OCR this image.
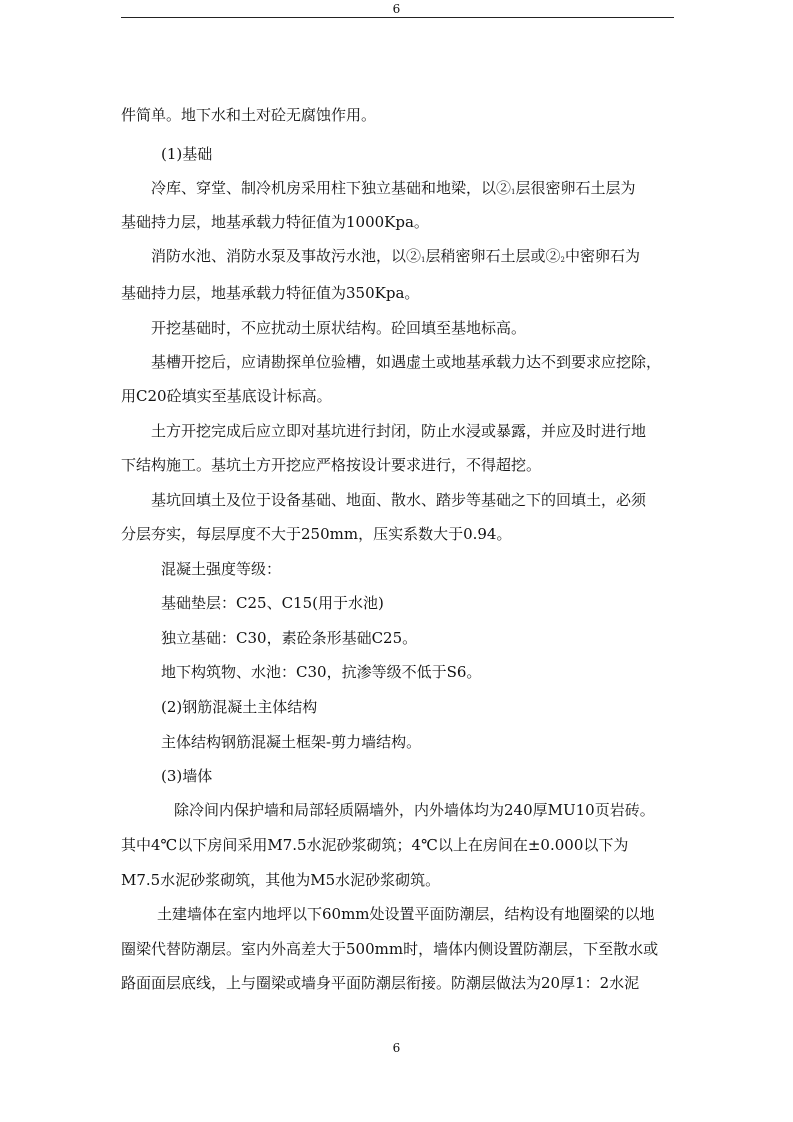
6
件简单。地下水和土对砼无腐蚀作用。
(1)基础
冷库、穿堂、制冷机房采用柱下独立基础和地梁，以$②_1$层很密卵石土层为
基础持力层，地基承载力特征值为1000Kpa。
消防水池、消防水泵及事故污水池，以$②_1$层稍密卵石土层或$②_2$中密卵石为
基础持力层，地基承载力特征值为350Kpa。
开挖基础时，不应扰动土原状结构。砼回填至基地标高。
基槽开挖后，应请勘探单位验槽，如遇虚土或地基承载力达不到要求应挖除，
用C20砼填实至基底设计标高。
土方开挖完成后应立即对基坑进行封闭，防止水浸或暴露，并应及时进行地
下结构施工。基坑土方开挖应严格按设计要求进行，不得超挖。
基坑回填土及位于设备基础、地面、散水、踏步等基础之下的回填土，必须
分层夯实，每层厚度不大于250mm，压实系数大于0.94。
混凝土强度等级：
基础垫层：C25、C15(用于水池)
独立基础：C30，素砼条形基础C25。
地下构筑物、水池：C30，抗渗等级不低于S6。
(2)钢筋混凝土主体结构
主体结构钢筋混凝土框架-剪力墙结构。
(3)墙体
除冷间内保护墙和局部轻质隔墙外，内外墙体均为240厚MU10页岩砖。
其中4℃以下房间采用M7.5水泥砂浆砌筑；4℃以上在房间在±0.000以下为
M7.5水泥砂浆砌筑，其他为M5水泥砂浆砌筑。
土建墙体在室内地坪以下60mm处设置平面防潮层，结构设有地圈梁的以地
圈梁代替防潮层。室内外高差大于500mm时，墙体内侧设置防潮层，下至散水或
路面面层底线，上与圈梁或墙身平面防潮层衔接。防潮层做法为20厚1：2水泥
6
